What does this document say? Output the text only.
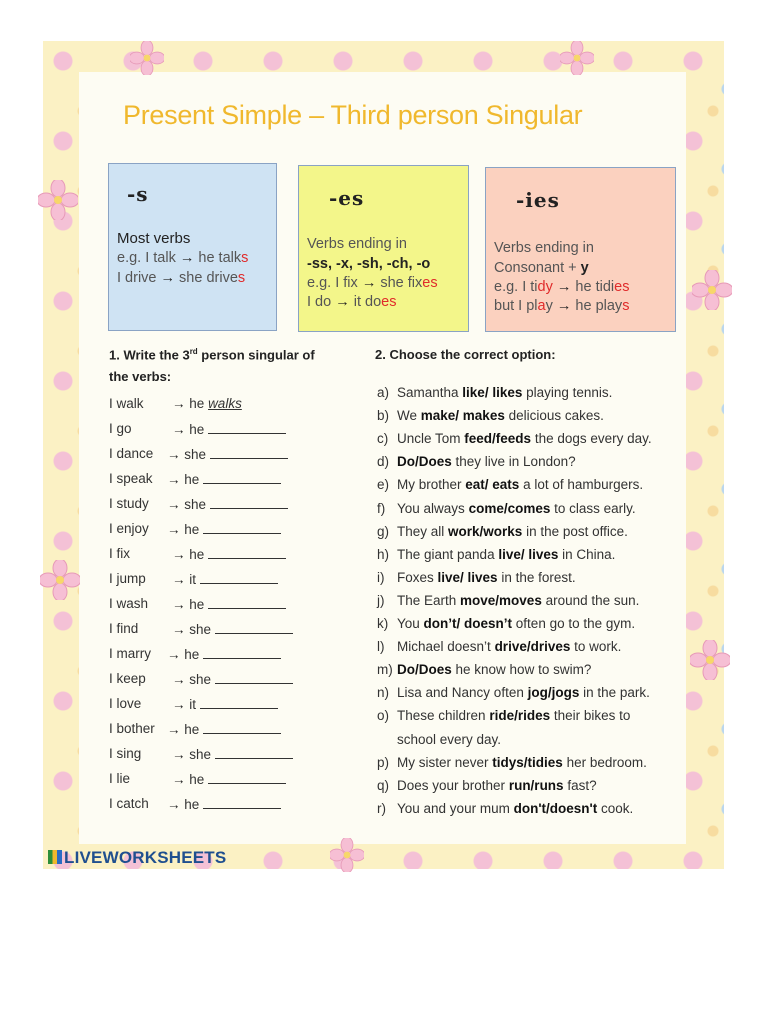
Present Simple – Third person Singular
-s
Most verbs
e.g. I talk → he talks
I drive → she drives
-es
Verbs ending in
-ss, -x, -sh, -ch, -o
e.g. I fix → she fixes
I do → it does
-ies
Verbs ending in
Consonant + y
e.g. I tidy → he tidies
but I play → he plays
1. Write the 3rd person singular of
the verbs:
I walk → he walks
I go	→ he
I dance → she
I speak → he
I study → she
I enjoy → he
I fix	→ he
I jump → it
I wash → he
I find → she
I marry → he
I keep → she
I love → it
I bother → he
I sing → she
I lie	→ he
I catch → he
2. Choose the correct option:
a) Samantha like/ likes playing tennis.
b) We make/ makes delicious cakes.
c) Uncle Tom feed/feeds the dogs every day.
d) Do/Does they live in London?
e) My brother eat/ eats a lot of hamburgers.
f) You always come/comes to class early.
g) They all work/works in the post office.
h) The giant panda live/ lives in China.
i) Foxes live/ lives in the forest.
j) The Earth move/moves around the sun.
k) You don’t/ doesn’t often go to the gym.
l) Michael doesn’t drive/drives to work.
m) Do/Does he know how to swim?
n) Lisa and Nancy often jog/jogs in the park.
o) These children ride/rides their bikes to
school every day.
p) My sister never tidys/tidies her bedroom.
q) Does your brother run/runs fast?
r) You and your mum don't/doesn't cook.
LIVEWORKSHEETS
